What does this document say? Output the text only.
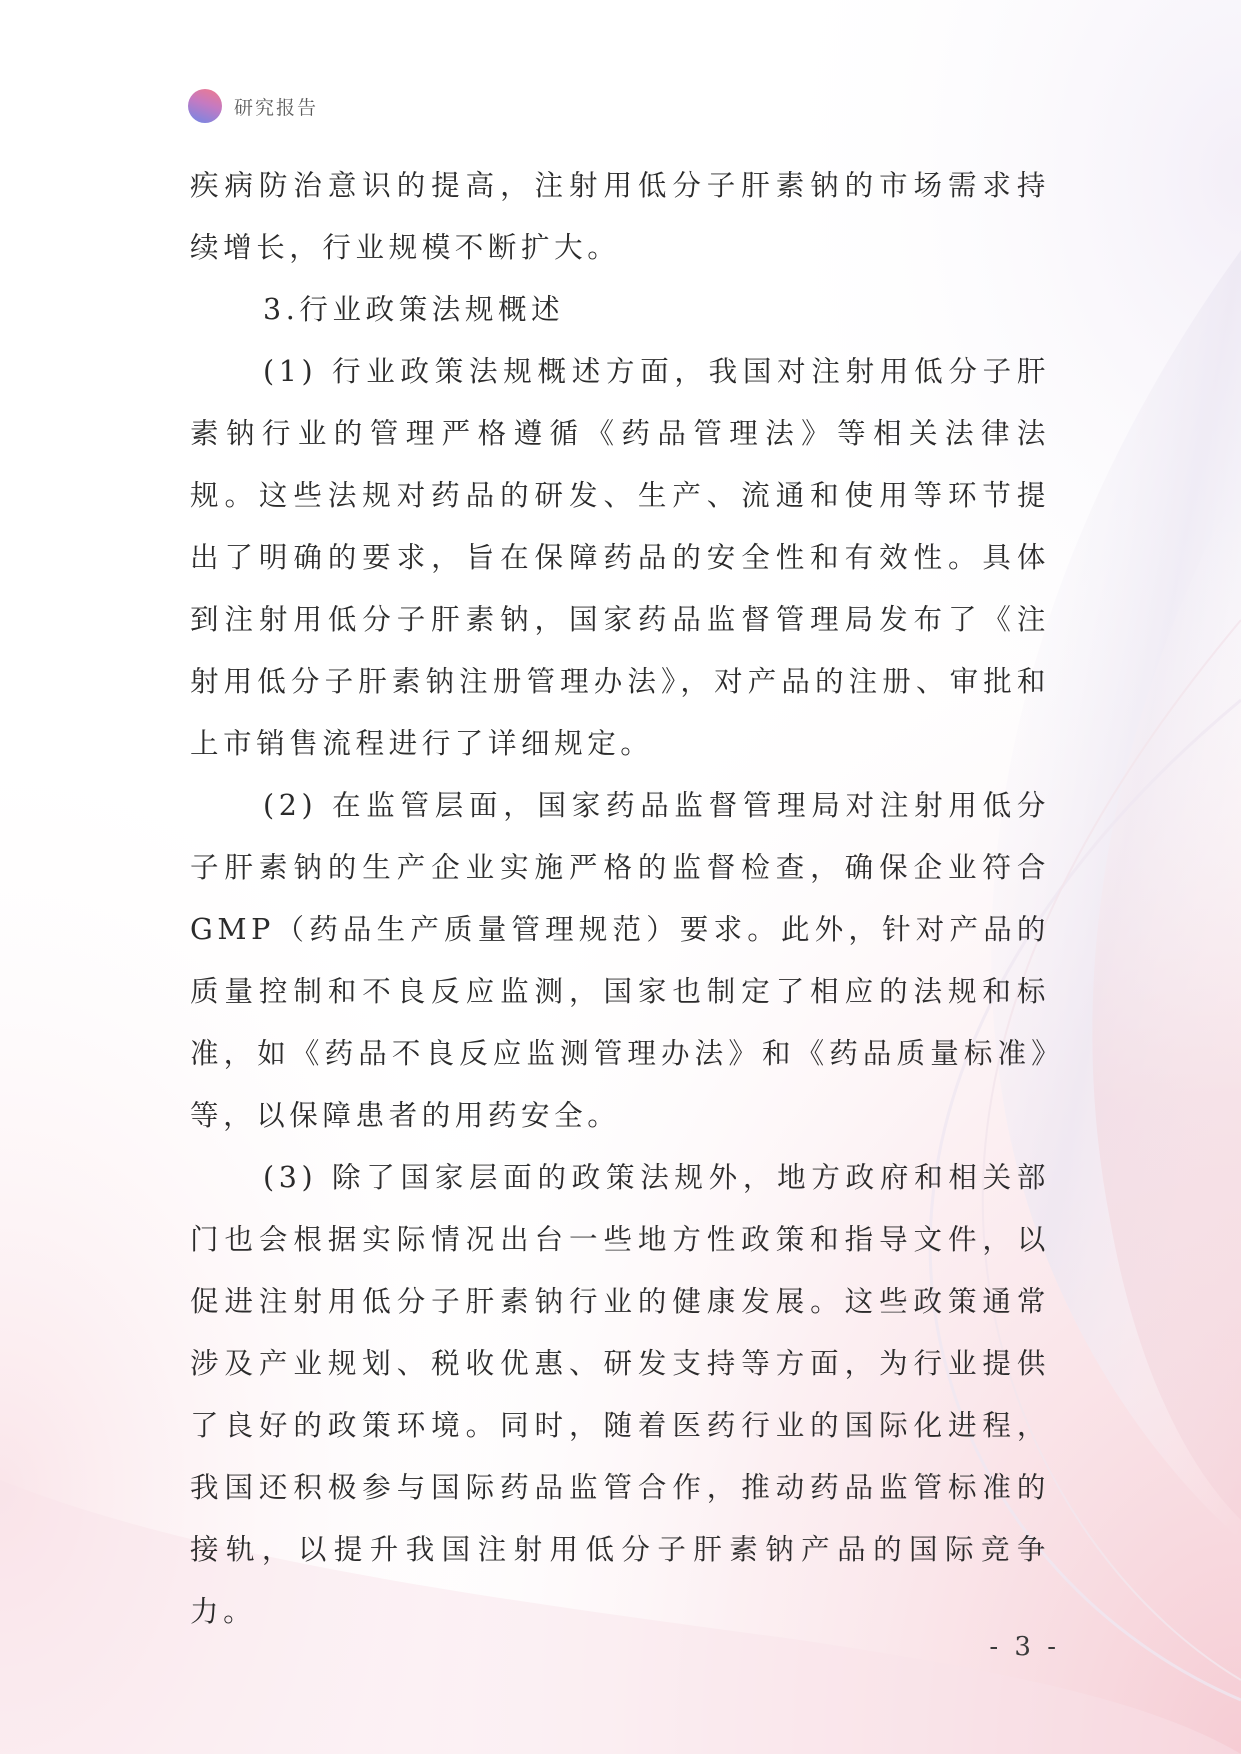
研究报告

疾病防治意识的提高，注射用低分子肝素钠的市场需求持续增长，行业规模不断扩大。

3.行业政策法规概述

(1) 行业政策法规概述方面，我国对注射用低分子肝素钠行业的管理严格遵循《药品管理法》等相关法律法规。这些法规对药品的研发、生产、流通和使用等环节提出了明确的要求，旨在保障药品的安全性和有效性。具体到注射用低分子肝素钠，国家药品监督管理局发布了《注射用低分子肝素钠注册管理办法》，对产品的注册、审批和上市销售流程进行了详细规定。

(2) 在监管层面，国家药品监督管理局对注射用低分子肝素钠的生产企业实施严格的监督检查，确保企业符合GMP（药品生产质量管理规范）要求。此外，针对产品的质量控制和不良反应监测，国家也制定了相应的法规和标准，如《药品不良反应监测管理办法》和《药品质量标准》等，以保障患者的用药安全。

(3) 除了国家层面的政策法规外，地方政府和相关部门也会根据实际情况出台一些地方性政策和指导文件，以促进注射用低分子肝素钠行业的健康发展。这些政策通常涉及产业规划、税收优惠、研发支持等方面，为行业提供了良好的政策环境。同时，随着医药行业的国际化进程，我国还积极参与国际药品监管合作，推动药品监管标准的接轨，以提升我国注射用低分子肝素钠产品的国际竞争力。

- 3 -
